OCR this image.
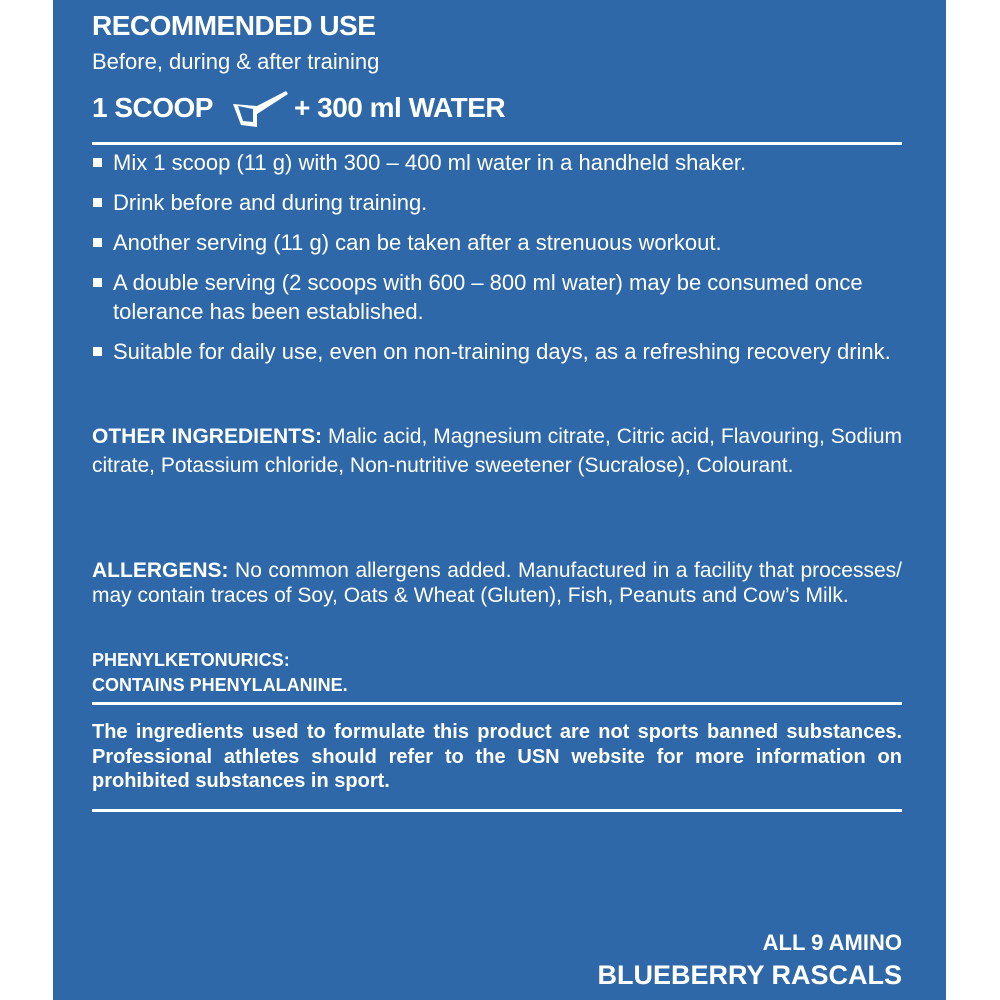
RECOMMENDED USE
Before, during & after training
1 SCOOP	+ 300 ml WATER
Mix 1 scoop (11 g) with 300 – 400 ml water in a handheld shaker.
Drink before and during training.
Another serving (11 g) can be taken after a strenuous workout.
A double serving (2 scoops with 600 – 800 ml water) may be consumed once tolerance has been established.
Suitable for daily use, even on non-training days, as a refreshing recovery drink.
OTHER INGREDIENTS: Malic acid, Magnesium citrate, Citric acid, Flavouring, Sodium citrate, Potassium chloride, Non-nutritive sweetener (Sucralose), Colourant.
ALLERGENS: No common allergens added. Manufactured in a facility that processes/ may contain traces of Soy, Oats & Wheat (Gluten), Fish, Peanuts and Cow’s Milk.
PHENYLKETONURICS:
CONTAINS PHENYLALANINE.
The ingredients used to formulate this product are not sports banned substances. Professional athletes should refer to the USN website for more information on prohibited substances in sport.
ALL 9 AMINO
BLUEBERRY RASCALS
